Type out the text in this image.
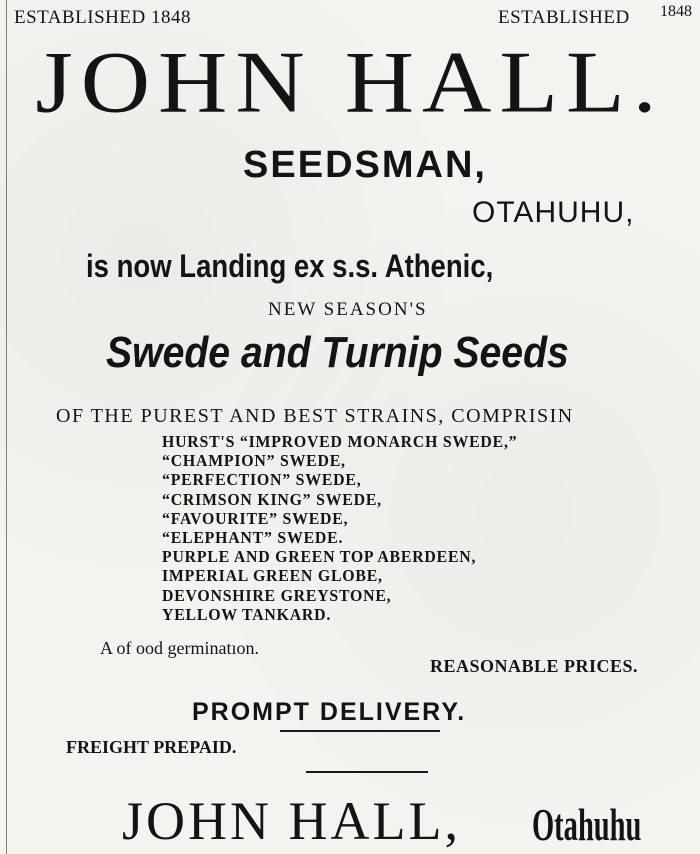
ESTABLISHED 1848	ESTABLISHED 1848

JOHN HALL.
SEEDSMAN,

OTAHUHU,

is now Landing ex s.s. Athenic,

NEW SEASON'S

Swede and Turnip Seeds

OF THE PUREST AND BEST STRAINS, COMPRISIN

HURST'S “IMPROVED MONARCH SWEDE,”
“CHAMPION” SWEDE,
“PERFECTION” SWEDE,
“CRIMSON KING” SWEDE,
“FAVOURITE” SWEDE,
“ELEPHANT” SWEDE.
PURPLE AND GREEN TOP ABERDEEN,
IMPERIAL GREEN GLOBE,
DEVONSHIRE GREYSTONE,
YELLOW TANKARD.

A of ood germinatıon.

REASONABLE PRICES.

PROMPT DELIVERY.

FREIGHT PREPAID.

JOHN HALL, Otahuhu
